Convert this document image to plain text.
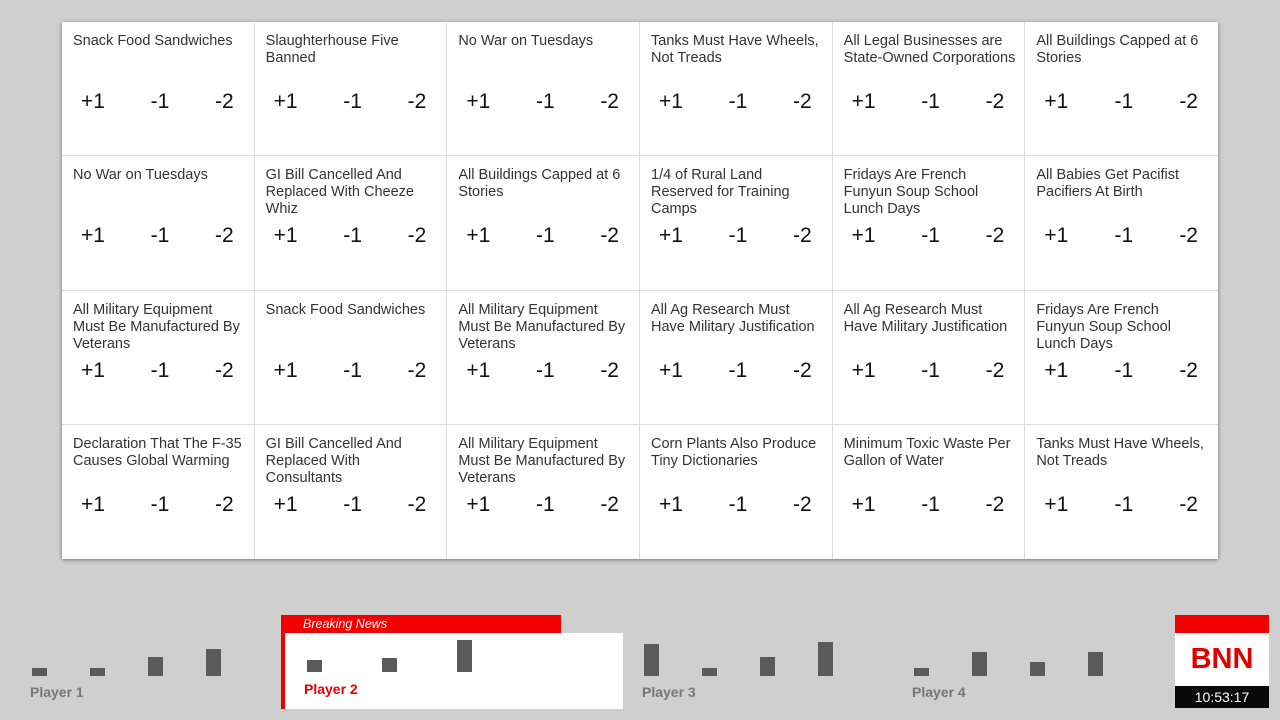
Snack Food Sandwiches
+1 -1 -2
Slaughterhouse Five Banned
+1 -1 -2
No War on Tuesdays
+1 -1 -2
Tanks Must Have Wheels, Not Treads
+1 -1 -2
All Legal Businesses are State-Owned Corporations
+1 -1 -2
All Buildings Capped at 6 Stories
+1 -1 -2
No War on Tuesdays
+1 -1 -2
GI Bill Cancelled And Replaced With Cheeze Whiz
+1 -1 -2
All Buildings Capped at 6 Stories
+1 -1 -2
1/4 of Rural Land Reserved for Training Camps
+1 -1 -2
Fridays Are French Funyun Soup School Lunch Days
+1 -1 -2
All Babies Get Pacifist Pacifiers At Birth
+1 -1 -2
All Military Equipment Must Be Manufactured By Veterans
+1 -1 -2
Snack Food Sandwiches
+1 -1 -2
All Military Equipment Must Be Manufactured By Veterans
+1 -1 -2
All Ag Research Must Have Military Justification
+1 -1 -2
All Ag Research Must Have Military Justification
+1 -1 -2
Fridays Are French Funyun Soup School Lunch Days
+1 -1 -2
Declaration That The F-35 Causes Global Warming
+1 -1 -2
GI Bill Cancelled And Replaced With Consultants
+1 -1 -2
All Military Equipment Must Be Manufactured By Veterans
+1 -1 -2
Corn Plants Also Produce Tiny Dictionaries
+1 -1 -2
Minimum Toxic Waste Per Gallon of Water
+1 -1 -2
Tanks Must Have Wheels, Not Treads
+1 -1 -2
Player 1
Breaking News
Player 2	Player 3	Player 4
BNN
10:53:17
